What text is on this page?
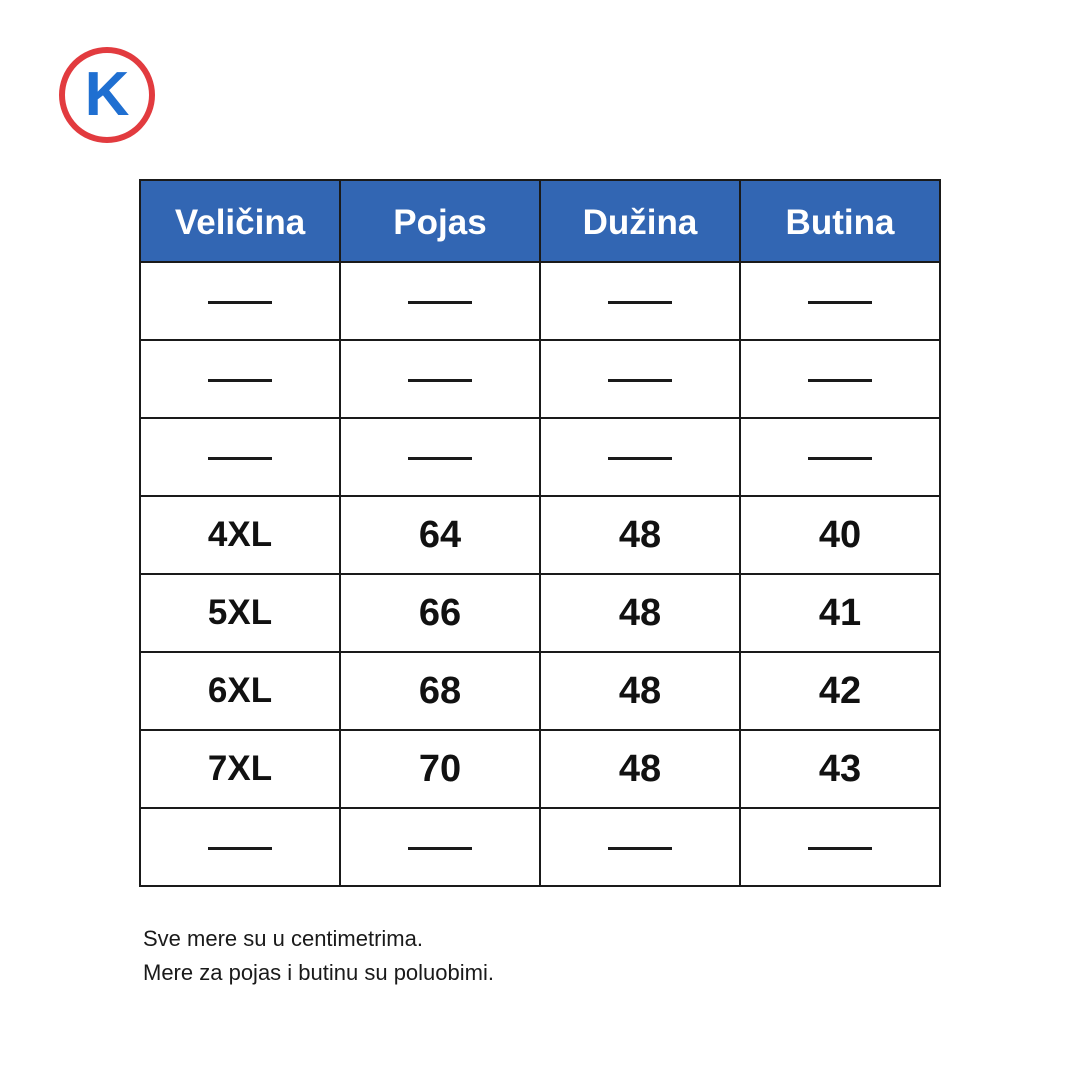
K
Veličina	Pojas	Dužina	Butina

4XL	64	48	40
5XL	66	48	41
6XL	68	48	42
7XL	70	48	43

Sve mere su u centimetrima.
Mere za pojas i butinu su poluobimi.
